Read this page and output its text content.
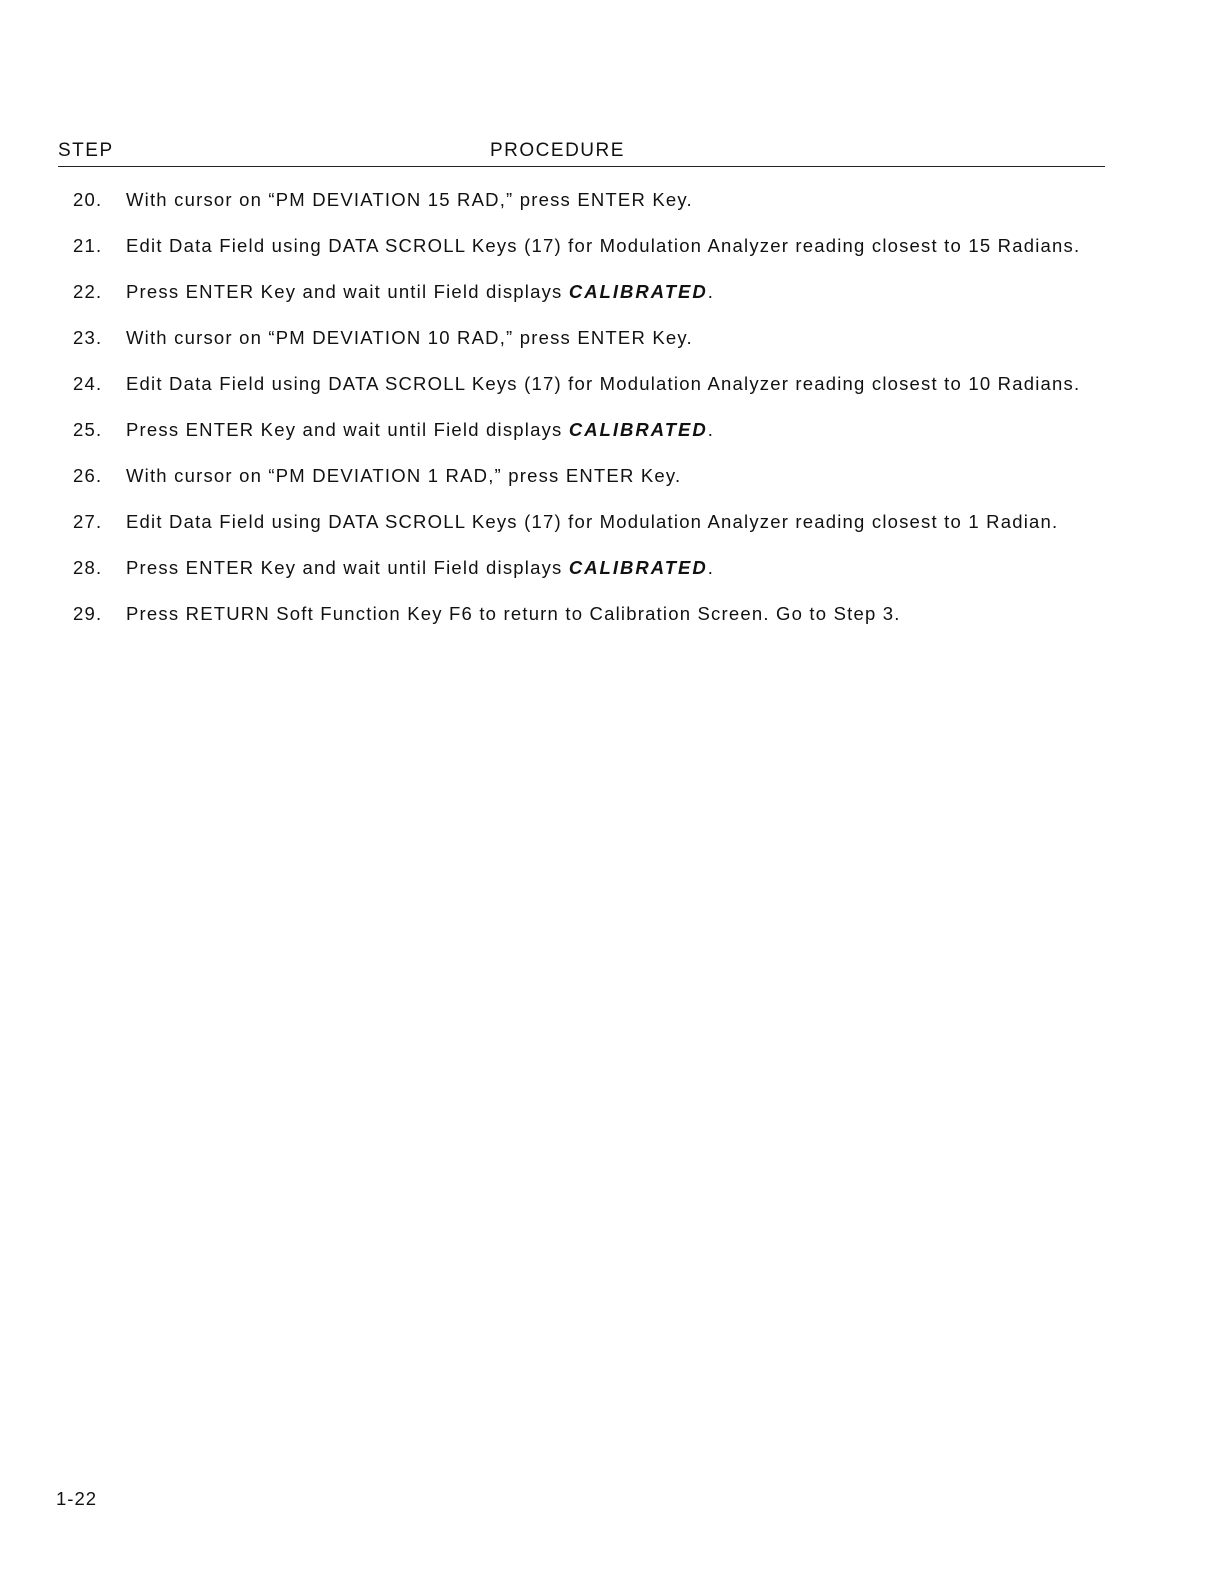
STEP	PROCEDURE
20. With cursor on “PM DEVIATION 15 RAD,” press ENTER Key.
21. Edit Data Field using DATA SCROLL Keys (17) for Modulation Analyzer reading closest to 15 Radians.
22. Press ENTER Key and wait until Field displays CALIBRATED.
23. With cursor on “PM DEVIATION 10 RAD,” press ENTER Key.
24. Edit Data Field using DATA SCROLL Keys (17) for Modulation Analyzer reading closest to 10 Radians.
25. Press ENTER Key and wait until Field displays CALIBRATED.
26. With cursor on “PM DEVIATION 1 RAD,” press ENTER Key.
27. Edit Data Field using DATA SCROLL Keys (17) for Modulation Analyzer reading closest to 1 Radian.
28. Press ENTER Key and wait until Field displays CALIBRATED.
29. Press RETURN Soft Function Key F6 to return to Calibration Screen. Go to Step 3.
1-22
